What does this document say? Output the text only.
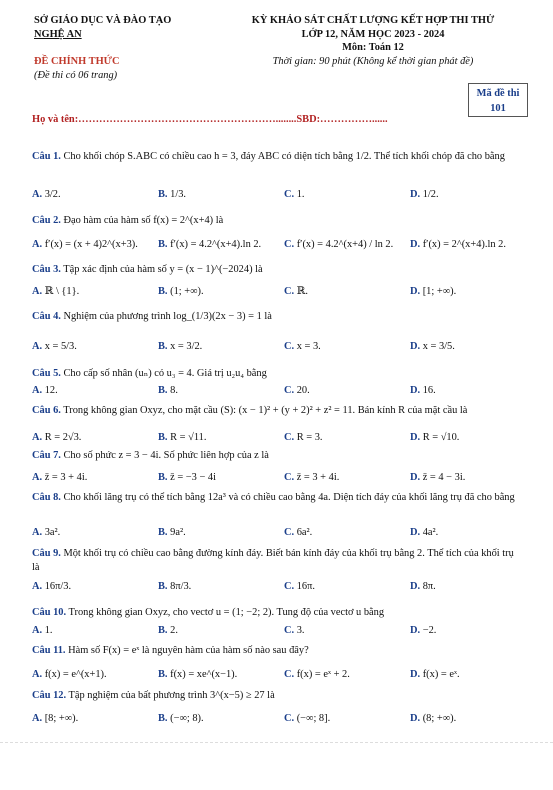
SỞ GIÁO DỤC VÀ ĐÀO TẠO
NGHỆ AN
ĐỀ CHÍNH THỨC
(Đề thi có 06 trang)
KỲ KHẢO SÁT CHẤT LƯỢNG KẾT HỢP THI THỬ
LỚP 12, NĂM HỌC 2023 - 2024
Môn: Toán 12
Thời gian: 90 phút (Không kể thời gian phát đề)
Mã đề thi
101
Họ và tên:…………………………………………………........SBD:……………......
Câu 1. Cho khối chóp S.ABC có chiều cao h = 3, đáy ABC có diện tích bằng 1/2. Thể tích khối chóp đã cho bằng
A. 3/2.	B. 1/3.	C. 1.	D. 1/2.
Câu 2. Đạo hàm của hàm số f(x) = 2^(x+4) là
A. f′(x) = (x + 4)2^(x+3). B. f′(x) = 4.2^(x+4).ln 2. C. f′(x) = 4.2^(x+4) / ln 2. D. f′(x) = 2^(x+4).ln 2.
Câu 3. Tập xác định của hàm số y = (x − 1)^(−2024) là
A. ℝ \ {1}.	B. (1; +∞).	C. ℝ.	D. [1; +∞).
Câu 4. Nghiệm của phương trình log_(1/3)(2x − 3) = 1 là
A. x = 5/3.	B. x = 3/2.	C. x = 3.	D. x = 3/5.
Câu 5. Cho cấp số nhân (uₙ) có u₃ = 4. Giá trị u₂u₄ bằng
A. 12.	B. 8.	C. 20.	D. 16.
Câu 6. Trong không gian Oxyz, cho mặt cầu (S): (x − 1)² + (y + 2)² + z² = 11. Bán kính R của mặt cầu là
A. R = 2√3.	B. R = √11.	C. R = 3.	D. R = √10.
Câu 7. Cho số phức z = 3 − 4i. Số phức liên hợp của z là
A. z̄ = 3 + 4i.	B. z̄ = −3 − 4i	C. z̄ = 3 + 4i.	D. z̄ = 4 − 3i.
Câu 8. Cho khối lăng trụ có thể tích bằng 12a³ và có chiều cao bằng 4a. Diện tích đáy của khối lăng trụ đã cho bằng
A. 3a².	B. 9a².	C. 6a².	D. 4a².
Câu 9. Một khối trụ có chiều cao bằng đường kính đáy. Biết bán kính đáy của khối trụ bằng 2. Thể tích của khối trụ là
A. 16π/3.	B. 8π/3.	C. 16π.	D. 8π.
Câu 10. Trong không gian Oxyz, cho vectơ u = (1; −2; 2). Tung độ của vectơ u bằng
A. 1.	B. 2.	C. 3.	D. −2.
Câu 11. Hàm số F(x) = eˣ là nguyên hàm của hàm số nào sau đây?
A. f(x) = e^(x+1).	B. f(x) = xe^(x−1).	C. f(x) = eˣ + 2.	D. f(x) = eˣ.
Câu 12. Tập nghiệm của bất phương trình 3^(x−5) ≥ 27 là
A. [8; +∞).	B. (−∞; 8).	C. (−∞; 8].	D. (8; +∞).
